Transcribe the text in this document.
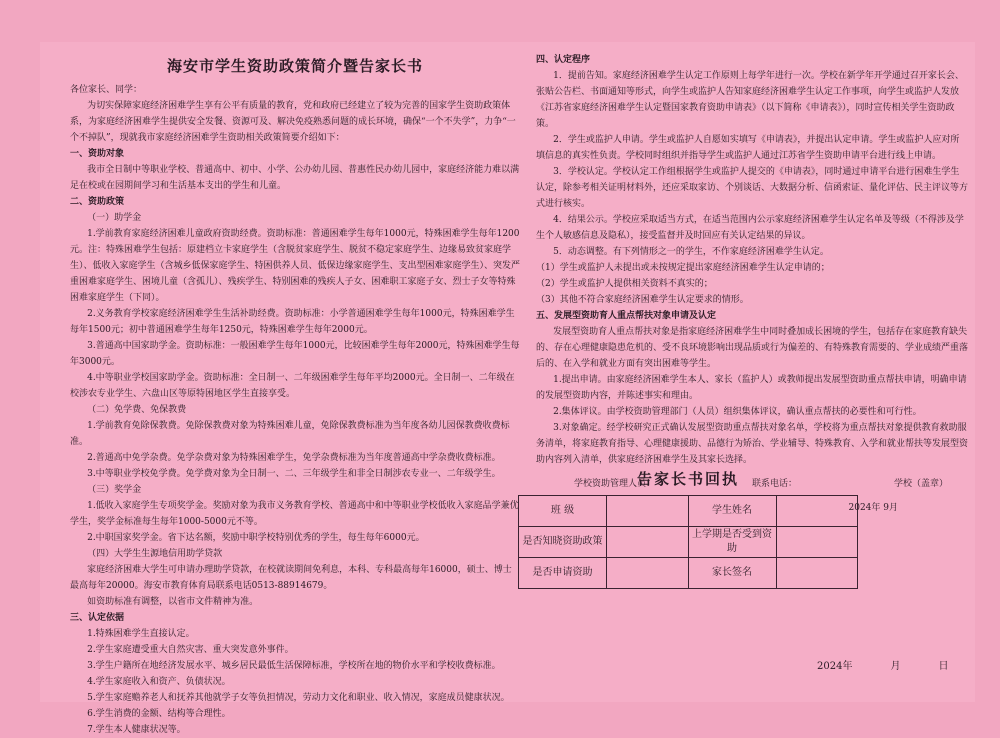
海安市学生资助政策简介暨告家长书
各位家长、同学：
为切实保障家庭经济困难学生享有公平有质量的教育，党和政府已经建立了较为完善的国家学生资助政策体系，为家庭经济困难学生提供安全发餐、资源可及、解决免疫熟悉问题的成长环境，确保“一个不失学”，力争“一个不掉队”，现就我市家庭经济困难学生资助相关政策简要介绍如下：
一、资助对象
我市全日制中等职业学校、普通高中、初中、小学、公办幼儿园、普惠性民办幼儿园中，家庭经济能力难以满足在校或在园期间学习和生活基本支出的学生和儿童。
二、资助政策
（一）助学金
1.学前教育家庭经济困难儿童政府资助经费。资助标准：普通困难学生每年1000元，特殊困难学生每年1200元。注：特殊困难学生包括：原建档立卡家庭学生（含脱贫家庭学生、脱贫不稳定家庭学生、边缘易致贫家庭学生）、低收入家庭学生（含城乡低保家庭学生、特困供养人员、低保边缘家庭学生、支出型困难家庭学生）、突发严重困难家庭学生、困境儿童（含孤儿）、残疾学生、特别困难的残疾人子女、困难职工家庭子女、烈士子女等特殊困难家庭学生（下同）。
2.义务教育学校家庭经济困难学生生活补助经费。资助标准：小学普通困难学生每年1000元，特殊困难学生每年1500元；初中普通困难学生每年1250元，特殊困难学生每年2000元。
3.普通高中国家助学金。资助标准：一般困难学生每年1000元，比较困难学生每年2000元，特殊困难学生每年3000元。
4.中等职业学校国家助学金。资助标准：全日制一、二年级困难学生每年平均2000元。全日制一、二年级在校涉农专业学生、六盘山区等原特困地区学生直接享受。
（二）免学费、免保教费
1.学前教育免除保教费。免除保教费对象为特殊困难儿童，免除保教费标准为当年度各幼儿园保教费收费标准。
2.普通高中免学杂费。免学杂费对象为特殊困难学生，免学杂费标准为当年度普通高中学杂费收费标准。
3.中等职业学校免学费。免学费对象为全日制一、二、三年级学生和非全日制涉农专业一、二年级学生。
（三）奖学金
1.低收入家庭学生专项奖学金。奖励对象为我市义务教育学校、普通高中和中等职业学校低收入家庭品学兼优学生，奖学金标准每生每年1000-5000元不等。
2.中职国家奖学金。省下达名额，奖励中职学校特别优秀的学生，每生每年6000元。
（四）大学生生源地信用助学贷款
家庭经济困难大学生可申请办理助学贷款，在校就读期间免利息，本科、专科最高每年16000，硕士、博士最高每年20000。海安市教育体育局联系电话0513-88914679。
如资助标准有调整，以省市文件精神为准。
三、认定依据
1.特殊困难学生直接认定。
2.学生家庭遭受重大自然灾害、重大突发意外事件。
3.学生户籍所在地经济发展水平、城乡居民最低生活保障标准，学校所在地的物价水平和学校收费标准。
4.学生家庭收入和资产、负债状况。
5.学生家庭赡养老人和抚养其他就学子女等负担情况，劳动力文化和职业、收入情况，家庭成员健康状况。
6.学生消费的金额、结构等合理性。
7.学生本人健康状况等。
四、认定程序
1．提前告知。家庭经济困难学生认定工作原则上每学年进行一次。学校在新学年开学通过召开家长会、张贴公告栏、书面通知等形式，向学生或监护人告知家庭经济困难学生认定工作事项，向学生或监护人发放《江苏省家庭经济困难学生认定暨国家教育资助申请表》（以下简称《申请表》），同时宣传相关学生资助政策。
2．学生或监护人申请。学生或监护人自愿如实填写《申请表》，并提出认定申请。学生或监护人应对所填信息的真实性负责。学校同时组织并指导学生或监护人通过江苏省学生资助申请平台进行线上申请。
3．学校认定。学校认定工作组根据学生或监护人提交的《申请表》，同时通过申请平台进行困难生学生认定，除参考相关证明材料外，还应采取家访、个别谈话、大数据分析、信函索证、量化评估、民主评议等方式进行核实。
4．结果公示。学校应采取适当方式，在适当范围内公示家庭经济困难学生认定名单及等级（不得涉及学生个人敏感信息及隐私），接受监督并及时回应有关认定结果的异议。
5．动态调整。有下列情形之一的学生，不作家庭经济困难学生认定。
（1）学生或监护人未提出或未按规定提出家庭经济困难学生认定申请的；
（2）学生或监护人提供相关资料不真实的；
（3）其他不符合家庭经济困难学生认定要求的情形。
五、发展型资助育人重点帮扶对象申请及认定
发展型资助育人重点帮扶对象是指家庭经济困难学生中同时叠加成长困境的学生，包括存在家庭教育缺失的、存在心理健康隐患危机的、受不良环境影响出现品质或行为偏差的、有特殊教育需要的、学业成绩严重落后的、在入学和就业方面有突出困难等学生。
1.提出申请。由家庭经济困难学生本人、家长（监护人）或教师提出发展型资助重点帮扶申请，明确申请的发展型资助内容，并陈述事实和理由。
2.集体评议。由学校资助管理部门（人员）组织集体评议，确认重点帮扶的必要性和可行性。
3.对象确定。经学校研究正式确认发展型资助重点帮扶对象名单，学校将为重点帮扶对象提供教育救助服务清单，将家庭教育指导、心理健康援助、品德行为矫治、学业辅导、特殊教育、入学和就业帮扶等发展型资助内容列入清单，供家庭经济困难学生及其家长选择。
学校资助管理人员：	联系电话：	学校（盖章）
2024年 9月
告家长书回执
班 级		学生姓名	
是否知晓资助政策		上学期是否受到资助	
是否申请资助		家长签名	
2024年	月	日
